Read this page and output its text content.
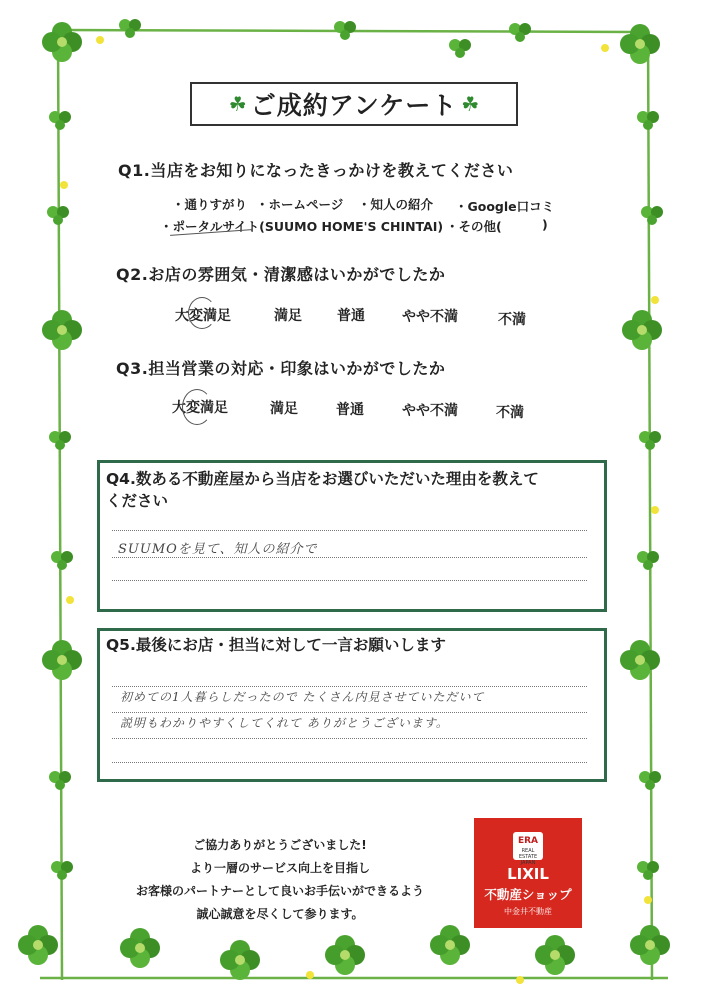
☘ ご成約アンケート ☘
Q1.当店をお知りになったきっかけを教えてください
・通りすがり ・ホームページ ・知人の紹介 ・Google口コミ
・ポータルサイト(SUUMO HOME'S CHINTAI) ・その他(	)
Q2.お店の雰囲気・清潔感はいかがでしたか
大変満足	満足	普通	やや不満	不満
Q3.担当営業の対応・印象はいかがでしたか
大変満足	満足	普通	やや不満	不満
Q4.数ある不動産屋から当店をお選びいただいた理由を教えて
ください
SUUMOを見て、知人の紹介で
Q5.最後にお店・担当に対して一言お願いします
初めての1人暮らしだったので たくさん内見させていただいて
説明もわかりやすくしてくれて ありがとうございます。
ご協力ありがとうございました!
より一層のサービス向上を目指し
お客様のパートナーとして良いお手伝いができるよう
誠心誠意を尽くして参ります。
ERA
REAL ESTATE JAPAN
LIXIL
不動産ショップ
中金井不動産
